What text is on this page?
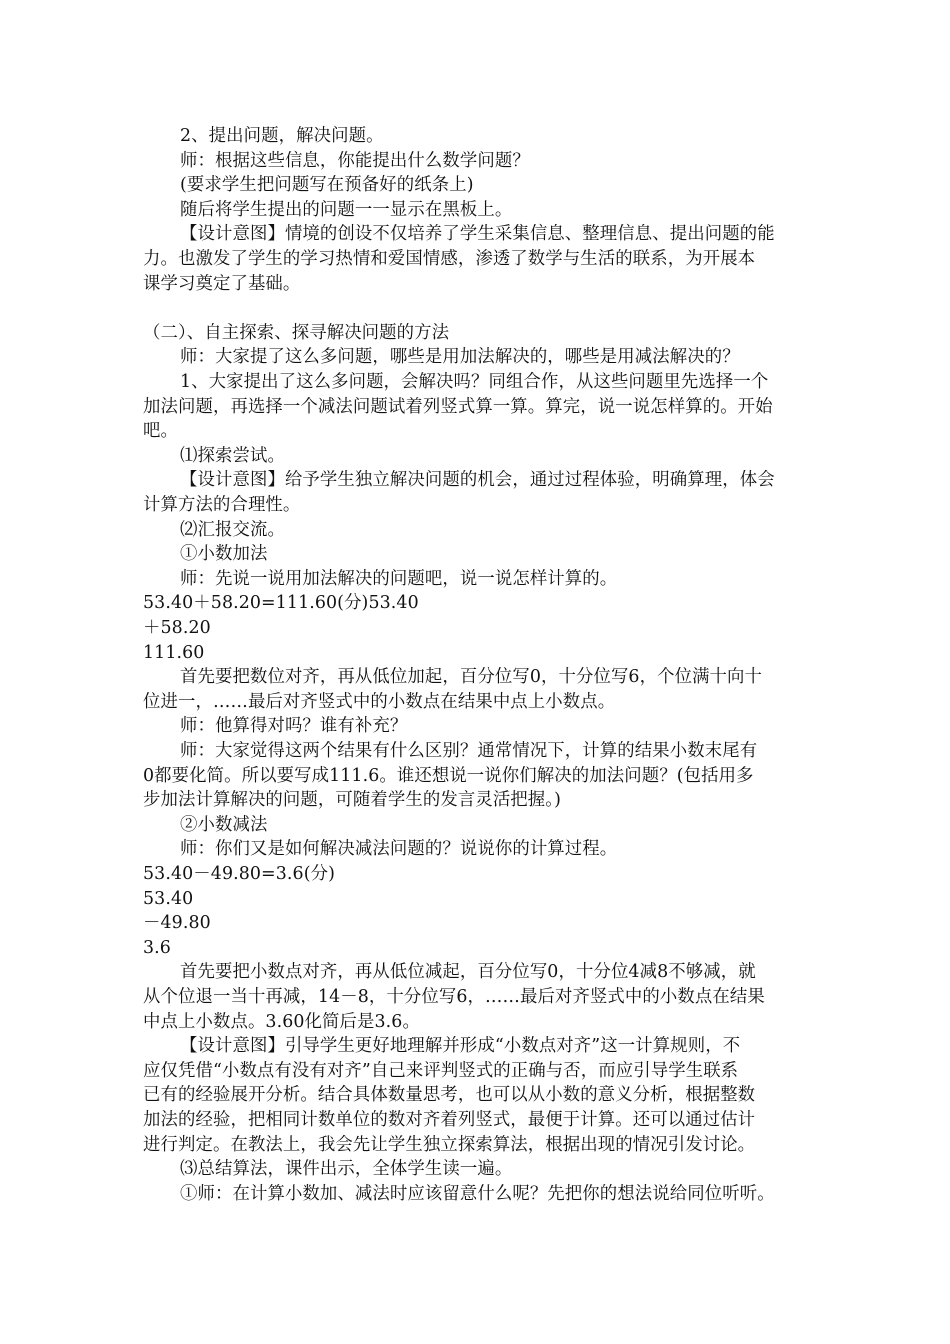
2、提出问题，解决问题。
师：根据这些信息，你能提出什么数学问题？
(要求学生把问题写在预备好的纸条上)
随后将学生提出的问题一一显示在黑板上。
【设计意图】情境的创设不仅培养了学生采集信息、整理信息、提出问题的能
力。也激发了学生的学习热情和爱国情感，渗透了数学与生活的联系，为开展本
课学习奠定了基础。
（二）、自主探索、探寻解决问题的方法
师：大家提了这么多问题，哪些是用加法解决的，哪些是用减法解决的？
1、大家提出了这么多问题，会解决吗？同组合作，从这些问题里先选择一个
加法问题，再选择一个减法问题试着列竖式算一算。算完，说一说怎样算的。开始
吧。
⑴探索尝试。
【设计意图】给予学生独立解决问题的机会，通过过程体验，明确算理，体会
计算方法的合理性。
⑵汇报交流。
①小数加法
师：先说一说用加法解决的问题吧，说一说怎样计算的。
53.40＋58.20=111.60(分)53.40
＋58.20
111.60
首先要把数位对齐，再从低位加起，百分位写0，十分位写6，个位满十向十
位进一，……最后对齐竖式中的小数点在结果中点上小数点。
师：他算得对吗？谁有补充？
师：大家觉得这两个结果有什么区别？通常情况下，计算的结果小数末尾有
0都要化简。所以要写成111.6。谁还想说一说你们解决的加法问题？(包括用多
步加法计算解决的问题，可随着学生的发言灵活把握。)
②小数减法
师：你们又是如何解决减法问题的？说说你的计算过程。
53.40－49.80=3.6(分)
53.40
－49.80
3.6
首先要把小数点对齐，再从低位减起，百分位写0，十分位4减8不够减，就
从个位退一当十再减，14－8，十分位写6，……最后对齐竖式中的小数点在结果
中点上小数点。3.60化简后是3.6。
【设计意图】引导学生更好地理解并形成“小数点对齐”这一计算规则，不
应仅凭借“小数点有没有对齐”自己来评判竖式的正确与否，而应引导学生联系
已有的经验展开分析。结合具体数量思考，也可以从小数的意义分析，根据整数
加法的经验，把相同计数单位的数对齐着列竖式，最便于计算。还可以通过估计
进行判定。在教法上，我会先让学生独立探索算法，根据出现的情况引发讨论。
⑶总结算法，课件出示，全体学生读一遍。
①师：在计算小数加、减法时应该留意什么呢？先把你的想法说给同位听听。
